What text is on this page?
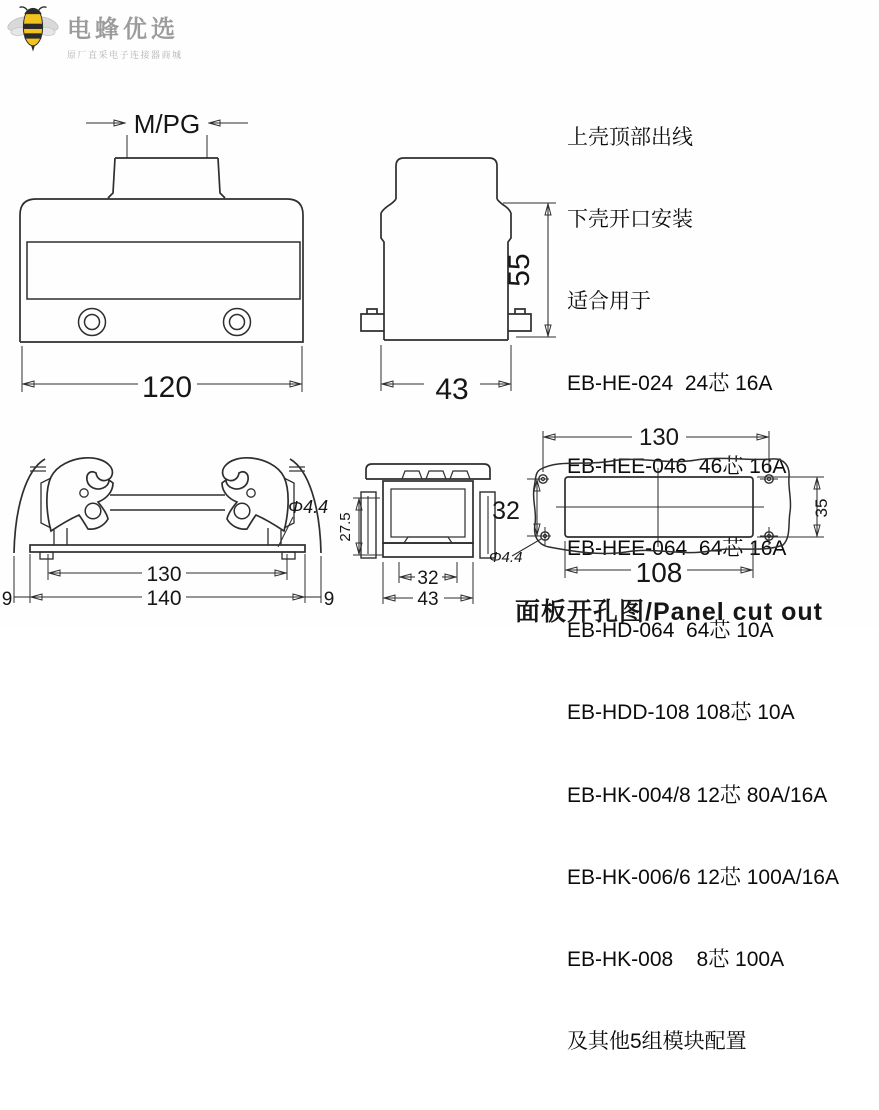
电蜂优选
原厂直采电子连接器商城

上壳顶部出线

下壳开口安装

适合用于

EB-HE-024  24芯 16A

EB-HEE-046  46芯 16A

EB-HEE-064  64芯 16A

EB-HD-064  64芯 10A

EB-HDD-108 108芯 10A

EB-HK-004/8 12芯 80A/16A

EB-HK-006/6 12芯 100A/16A

EB-HK-008    8芯 100A

及其他5组模块配置

M/PG
120
55
43
Φ4.4
130
140
9	9
27.5
32
43
130
32	35
108
Φ4.4
面板开孔图/Panel cut out
